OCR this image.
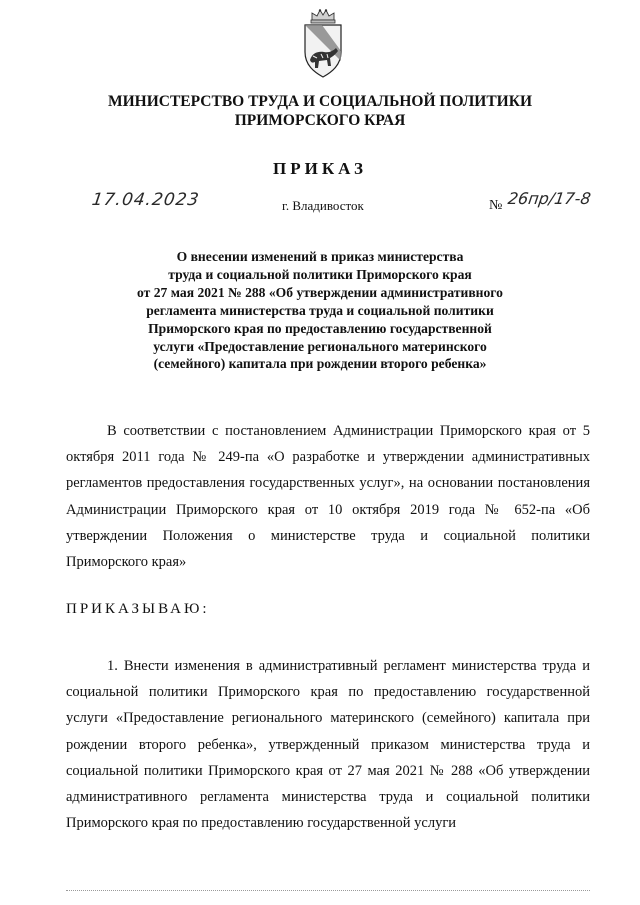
МИНИСТЕРСТВО ТРУДА И СОЦИАЛЬНОЙ ПОЛИТИКИ
ПРИМОРСКОГО КРАЯ
ПРИКАЗ
17.04.2023	г. Владивосток	№ 26пр/17-8
О внесении изменений в приказ министерства
труда и социальной политики Приморского края
от 27 мая 2021 № 288 «Об утверждении административного
регламента министерства труда и социальной политики
Приморского края по предоставлению государственной
услуги «Предоставление регионального материнского
(семейного) капитала при рождении второго ребенка»
В соответствии с постановлением Администрации Приморского края от 5 октября 2011 года № 249-па «О разработке и утверждении административных регламентов предоставления государственных услуг», на основании постановления Администрации Приморского края от 10 октября 2019 года № 652-па «Об утверждении Положения о министерстве труда и социальной политики Приморского края»
ПРИКАЗЫВАЮ:
1. Внести изменения в административный регламент министерства труда и социальной политики Приморского края по предоставлению государственной услуги «Предоставление регионального материнского (семейного) капитала при рождении второго ребенка», утвержденный приказом министерства труда и социальной политики Приморского края от 27 мая 2021 № 288 «Об утверждении административного регламента министерства труда и социальной политики Приморского края по предоставлению государственной услуги
